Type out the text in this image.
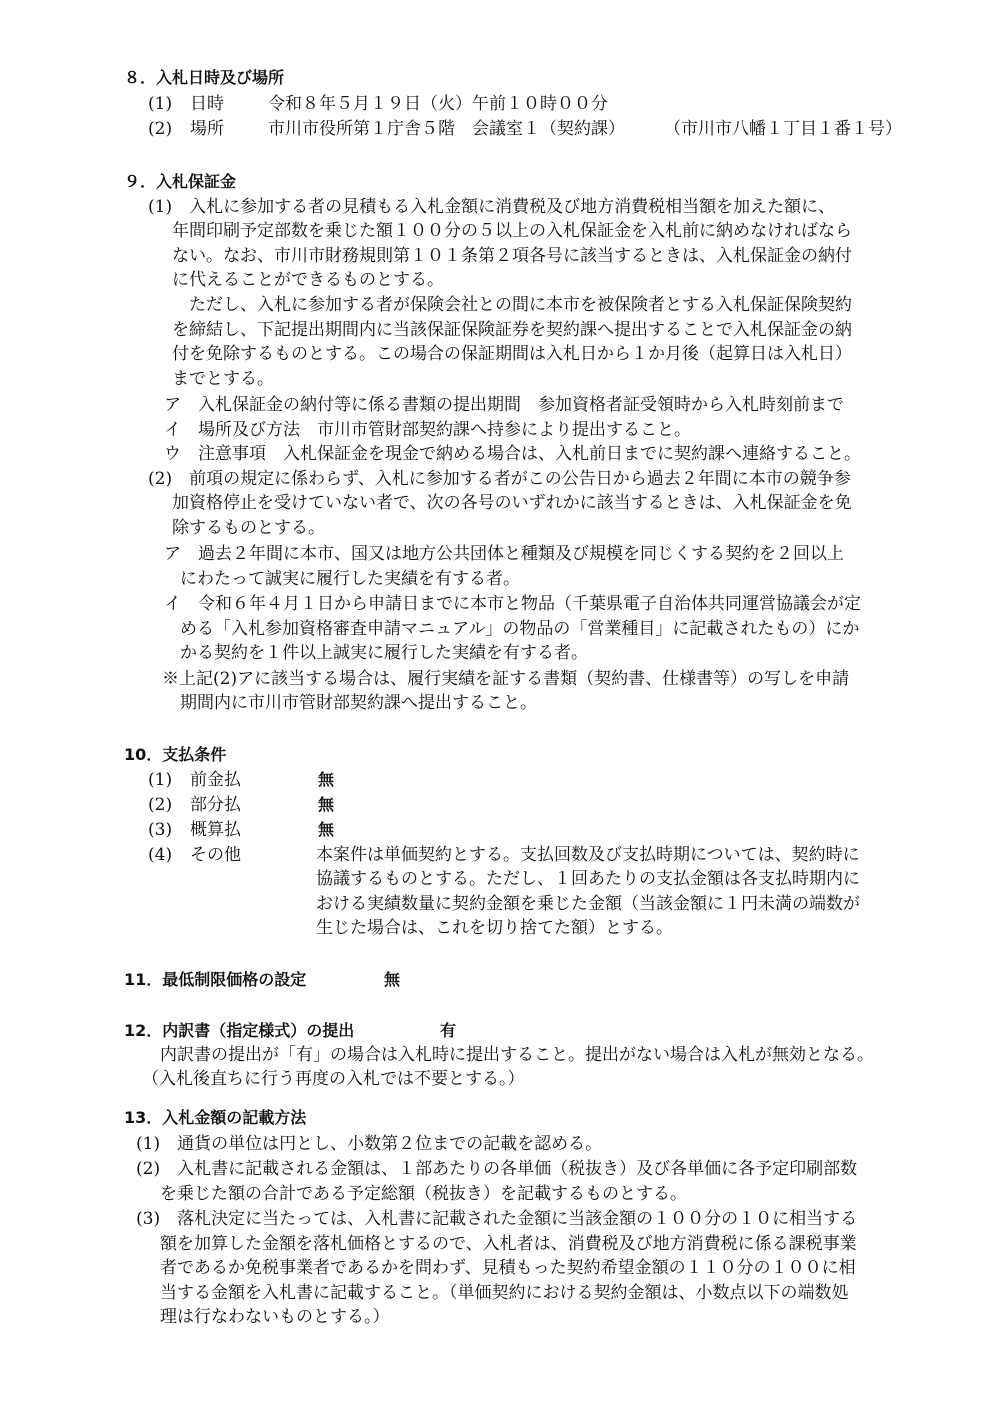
８．入札日時及び場所
(1) 日時	令和８年５月１９日（火）午前１０時００分
(2) 場所	市川市役所第１庁舎５階　会議室１（契約課） （市川市八幡１丁目１番１号）
９．入札保証金
(1)　入札に参加する者の見積もる入札金額に消費税及び地方消費税相当額を加えた額に、
年間印刷予定部数を乗じた額１００分の５以上の入札保証金を入札前に納めなければなら
ない。なお、市川市財務規則第１０１条第２項各号に該当するときは、入札保証金の納付
に代えることができるものとする。
　ただし、入札に参加する者が保険会社との間に本市を被保険者とする入札保証保険契約
を締結し、下記提出期間内に当該保証保険証券を契約課へ提出することで入札保証金の納
付を免除するものとする。この場合の保証期間は入札日から１か月後（起算日は入札日）
までとする。
ア　入札保証金の納付等に係る書類の提出期間　参加資格者証受領時から入札時刻前まで
イ　場所及び方法　市川市管財部契約課へ持参により提出すること。
ウ　注意事項　入札保証金を現金で納める場合は、入札前日までに契約課へ連絡すること。
(2)　前項の規定に係わらず、入札に参加する者がこの公告日から過去２年間に本市の競争参
加資格停止を受けていない者で、次の各号のいずれかに該当するときは、入札保証金を免
除するものとする。
ア　過去２年間に本市、国又は地方公共団体と種類及び規模を同じくする契約を２回以上
にわたって誠実に履行した実績を有する者。
イ　令和６年４月１日から申請日までに本市と物品（千葉県電子自治体共同運営協議会が定
める「入札参加資格審査申請マニュアル」の物品の「営業種目」に記載されたもの）にか
かる契約を１件以上誠実に履行した実績を有する者。
※上記(2)アに該当する場合は、履行実績を証する書類（契約書、仕様書等）の写しを申請
期間内に市川市管財部契約課へ提出すること。
10．支払条件
(1) 前金払	無
(2) 部分払	無
(3) 概算払	無
(4) その他	本案件は単価契約とする。支払回数及び支払時期については、契約時に
協議するものとする。ただし、１回あたりの支払金額は各支払時期内に
おける実績数量に契約金額を乗じた金額（当該金額に１円未満の端数が
生じた場合は、これを切り捨てた額）とする。
11．最低制限価格の設定	無
12．内訳書（指定様式）の提出	有
内訳書の提出が「有」の場合は入札時に提出すること。提出がない場合は入札が無効となる。
（入札後直ちに行う再度の入札では不要とする。）
13．入札金額の記載方法
(1)　通貨の単位は円とし、小数第２位までの記載を認める。
(2)　入札書に記載される金額は、１部あたりの各単価（税抜き）及び各単価に各予定印刷部数
を乗じた額の合計である予定総額（税抜き）を記載するものとする。
(3)　落札決定に当たっては、入札書に記載された金額に当該金額の１００分の１０に相当する
額を加算した金額を落札価格とするので、入札者は、消費税及び地方消費税に係る課税事業
者であるか免税事業者であるかを問わず、見積もった契約希望金額の１１０分の１００に相
当する金額を入札書に記載すること。（単価契約における契約金額は、小数点以下の端数処
理は行なわないものとする。）
